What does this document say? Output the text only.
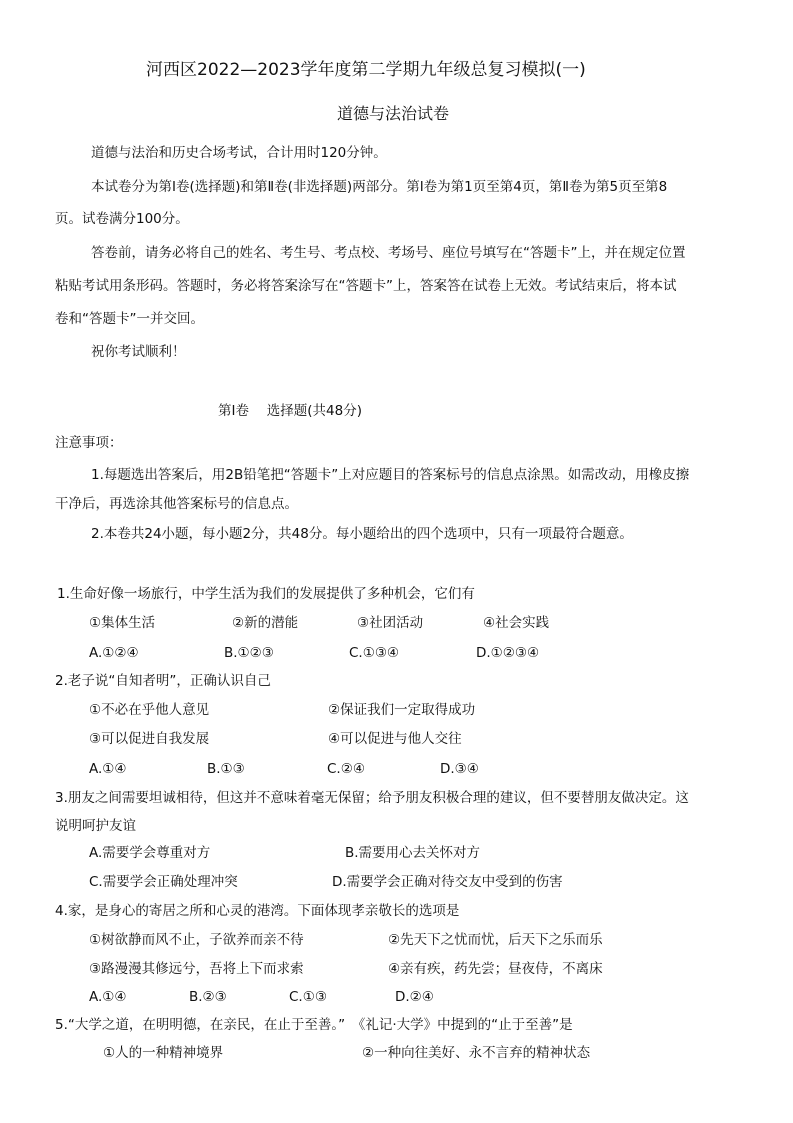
河西区2022—2023学年度第二学期九年级总复习模拟(一)
道德与法治试卷
道德与法治和历史合场考试，合计用时120分钟。
本试卷分为第Ⅰ卷(选择题)和第Ⅱ卷(非选择题)两部分。第Ⅰ卷为第1页至第4页，第Ⅱ卷为第5页至第8
页。试卷满分100分。
答卷前，请务必将自己的姓名、考生号、考点校、考场号、座位号填写在“答题卡”上，并在规定位置
粘贴考试用条形码。答题时，务必将答案涂写在“答题卡”上，答案答在试卷上无效。考试结束后，将本试
卷和“答题卡”一并交回。
祝你考试顺利！
第Ⅰ卷　 选择题(共48分)
注意事项：
1.每题选出答案后，用2B铅笔把“答题卡”上对应题目的答案标号的信息点涂黑。如需改动，用橡皮擦
干净后，再选涂其他答案标号的信息点。
2.本卷共24小题，每小题2分，共48分。每小题给出的四个选项中，只有一项最符合题意。
1.生命好像一场旅行，中学生活为我们的发展提供了多种机会，它们有
①集体生活	②新的潜能	③社团活动	④社会实践
A.①②④	B.①②③	C.①③④	D.①②③④
2.老子说“自知者明”，正确认识自己
①不必在乎他人意见	②保证我们一定取得成功
③可以促进自我发展	④可以促进与他人交往
A.①④	B.①③	C.②④	D.③④
3.朋友之间需要坦诚相待，但这并不意味着毫无保留；给予朋友积极合理的建议，但不要替朋友做决定。这
说明呵护友谊
A.需要学会尊重对方	B.需要用心去关怀对方
C.需要学会正确处理冲突	D.需要学会正确对待交友中受到的伤害
4.家，是身心的寄居之所和心灵的港湾。下面体现孝亲敬长的选项是
①树欲静而风不止，子欲养而亲不待	②先天下之忧而忧，后天下之乐而乐
③路漫漫其修远兮，吾将上下而求索	④亲有疾，药先尝；昼夜侍，不离床
A.①④	B.②③	C.①③	D.②④
5.“大学之道，在明明德，在亲民，在止于至善。”　《礼记·大学》中提到的“止于至善”是
①人的一种精神境界	②一种向往美好、永不言弃的精神状态
